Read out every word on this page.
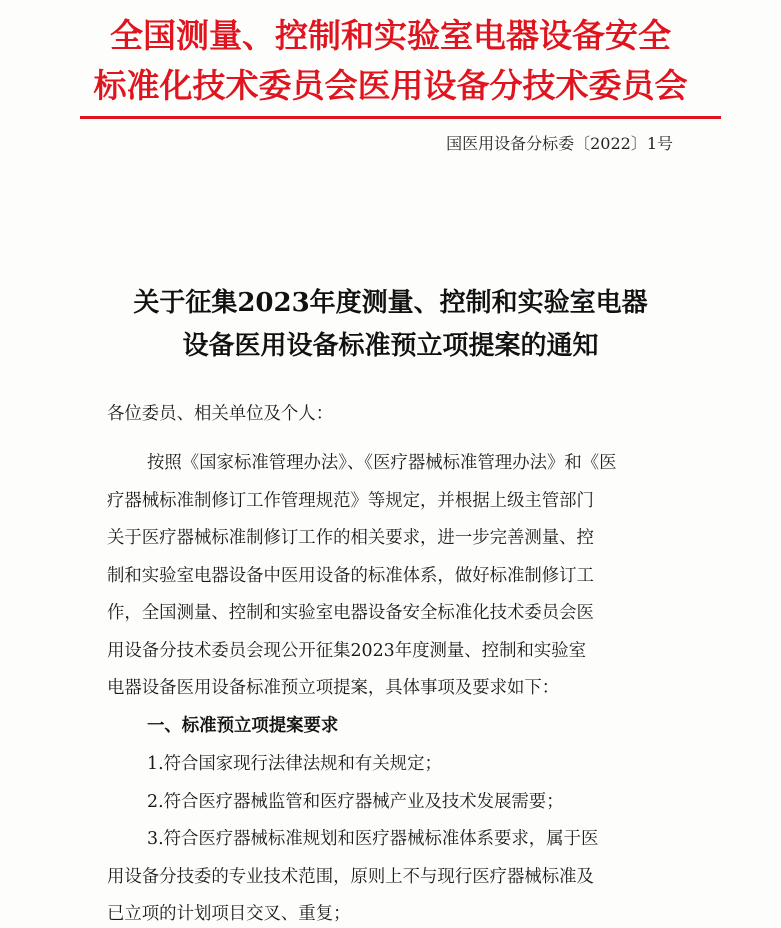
全国测量、控制和实验室电器设备安全
标准化技术委员会医用设备分技术委员会
国医用设备分标委〔2022〕1号
关于征集2023年度测量、控制和实验室电器
设备医用设备标准预立项提案的通知
各位委员、相关单位及个人：
按照《国家标准管理办法》、《医疗器械标准管理办法》和《医
疗器械标准制修订工作管理规范》等规定，并根据上级主管部门
关于医疗器械标准制修订工作的相关要求，进一步完善测量、控
制和实验室电器设备中医用设备的标准体系，做好标准制修订工
作，全国测量、控制和实验室电器设备安全标准化技术委员会医
用设备分技术委员会现公开征集2023年度测量、控制和实验室
电器设备医用设备标准预立项提案，具体事项及要求如下：
一、标准预立项提案要求
1.符合国家现行法律法规和有关规定；
2.符合医疗器械监管和医疗器械产业及技术发展需要；
3.符合医疗器械标准规划和医疗器械标准体系要求，属于医
用设备分技委的专业技术范围，原则上不与现行医疗器械标准及
已立项的计划项目交叉、重复；
